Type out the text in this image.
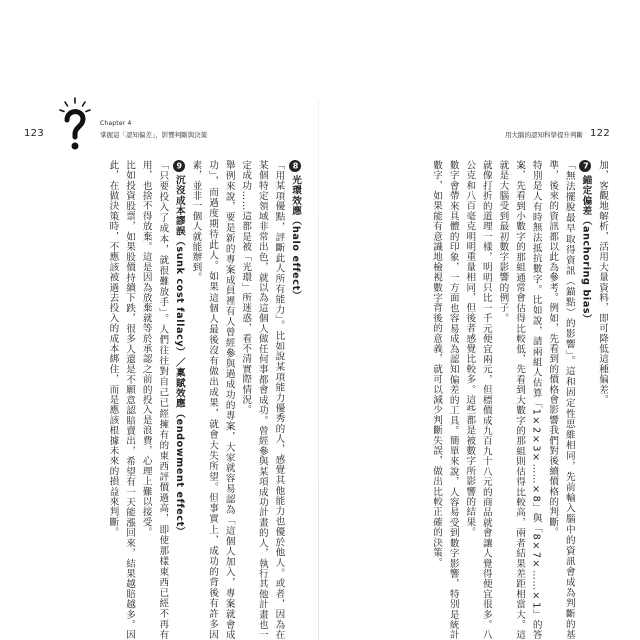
123
Chapter 4
掌握這「認知偏差」，影響判斷與決策	用大腦的認知科學提升判斷 122
加，客觀地解析，活用大量資料，即可降低這種偏差。
7錨定偏差（anchoring bias）
「無法擺脫最早取得資訊（錨點）的影響」。這和固定性思維相同，先前輸入腦中的資訊會成為判斷的基準，後來的資訊都以此為參考。例如，先看到的價格會影響我們對後續價格的判斷。
特別是人有時無法抵抗數字。比如說，請兩組人估算「1×2×3×……×8」與「8×7×……×1」的答案，先看到小數字的那組通常會估得比較低，先看到大數字的那組則估得比較高，兩者結果差距相當大。這就是大腦受到最初數字影響的例子。
就像打折的道理一樣，明明只比一千元便宜兩元，但標價成九百九十八元的商品就會讓人覺得便宜很多。八公克和八百毫克明明重量相同，但後者感覺比較多。這些都是被數字所影響的結果。
數字會帶來具體的印象，一方面也容易成為認知偏差的工具。簡單來說，人容易受到數字影響，特別是統計數字，如果能有意識地檢視數字背後的意義，就可以減少判斷失誤，做出比較正確的決策。
8光環效應（halo effect）
「用某項優點，評斷此人所有能力」。比如說某項能力優秀的人，感覺其他能力也優於他人。或者，因為在某個特定領域非常出色，就以為這個人做任何事都會成功。曾經參與某項成功計畫的人，執行其他計畫也一定成功……這都是被「光環」所迷惑，看不清實際情況。
舉例來說，要是新的專案成員裡有人曾經參與過成功的專案，大家就容易認為「這個人加入，專案就會成功」，而過度期待此人。如果這個人最後沒有做出成果，就會大失所望。但事實上，成功的背後有許多因素，並非一個人就能辦到。
9沉沒成本謬誤（sunk cost fallacy）／稟賦效應（endowment effect）
「只要投入了成本，就很難放手」。人們往往對自己已經擁有的東西評價過高，即使那樣東西已經不再有用，也捨不得放棄。這是因為放棄就等於承認之前的投入是浪費，心理上難以接受。
比如投資股票，如果股價持續下跌，很多人還是不願意認賠賣出，希望有一天能漲回來，結果越賠越多。因此，在做決策時，不應該被過去投入的成本綁住，而是應該根據未來的損益來判斷。
